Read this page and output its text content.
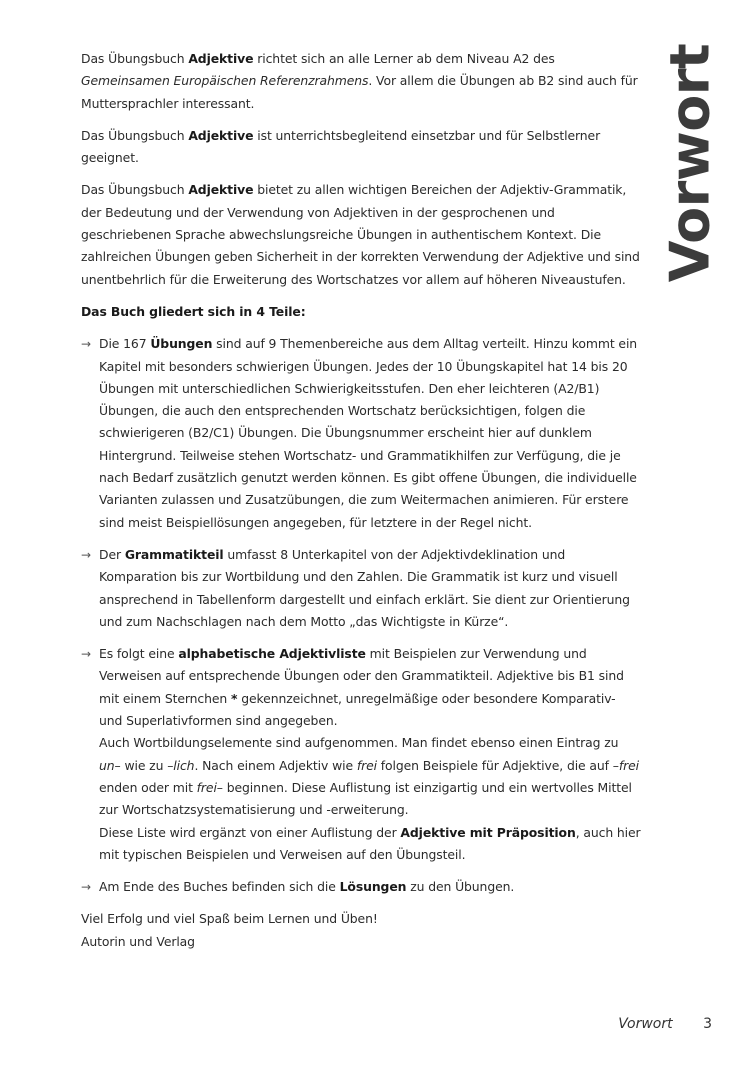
Vorwort

Das Übungsbuch Adjektive richtet sich an alle Lerner ab dem Niveau A2 des Gemeinsamen Europäischen Referenzrahmens. Vor allem die Übungen ab B2 sind auch für Muttersprachler interessant.

Das Übungsbuch Adjektive ist unterrichtsbegleitend einsetzbar und für Selbstlerner geeignet.

Das Übungsbuch Adjektive bietet zu allen wichtigen Bereichen der Adjektiv-Grammatik, der Bedeutung und der Verwendung von Adjektiven in der gesprochenen und geschriebenen Sprache abwechslungsreiche Übungen in authentischem Kontext. Die zahlreichen Übungen geben Sicherheit in der korrekten Verwendung der Adjektive und sind unentbehrlich für die Erweiterung des Wortschatzes vor allem auf höheren Niveaustufen.

Das Buch gliedert sich in 4 Teile:

→ Die 167 Übungen sind auf 9 Themenbereiche aus dem Alltag verteilt. Hinzu kommt ein Kapitel mit besonders schwierigen Übungen. Jedes der 10 Übungskapitel hat 14 bis 20 Übungen mit unterschiedlichen Schwierigkeitsstufen. Den eher leichteren (A2/B1) Übungen, die auch den entsprechenden Wortschatz berücksichtigen, folgen die schwierigeren (B2/C1) Übungen. Die Übungsnummer erscheint hier auf dunklem Hintergrund. Teilweise stehen Wortschatz- und Grammatikhilfen zur Verfügung, die je nach Bedarf zusätzlich genutzt werden können. Es gibt offene Übungen, die individuelle Varianten zulassen und Zusatzübungen, die zum Weitermachen animieren. Für erstere sind meist Beispiellösungen angegeben, für letztere in der Regel nicht.
→ Der Grammatikteil umfasst 8 Unterkapitel von der Adjektivdeklination und Komparation bis zur Wortbildung und den Zahlen. Die Grammatik ist kurz und visuell ansprechend in Tabellenform dargestellt und einfach erklärt. Sie dient zur Orientierung und zum Nachschlagen nach dem Motto „das Wichtigste in Kürze“.
→ Es folgt eine alphabetische Adjektivliste mit Beispielen zur Verwendung und Verweisen auf entsprechende Übungen oder den Grammatikteil. Adjektive bis B1 sind mit einem Sternchen * gekennzeichnet, unregelmäßige oder besondere Komparativ- und Superlativformen sind angegeben.
Auch Wortbildungselemente sind aufgenommen. Man findet ebenso einen Eintrag zu un– wie zu –lich. Nach einem Adjektiv wie frei folgen Beispiele für Adjektive, die auf –frei enden oder mit frei– beginnen. Diese Auflistung ist einzigartig und ein wertvolles Mittel zur Wortschatzsystematisierung und -erweiterung.
Diese Liste wird ergänzt von einer Auflistung der Adjektive mit Präposition, auch hier mit typischen Beispielen und Verweisen auf den Übungsteil.
→ Am Ende des Buches befinden sich die Lösungen zu den Übungen.

Viel Erfolg und viel Spaß beim Lernen und Üben!
Autorin und Verlag

Vorwort 3
